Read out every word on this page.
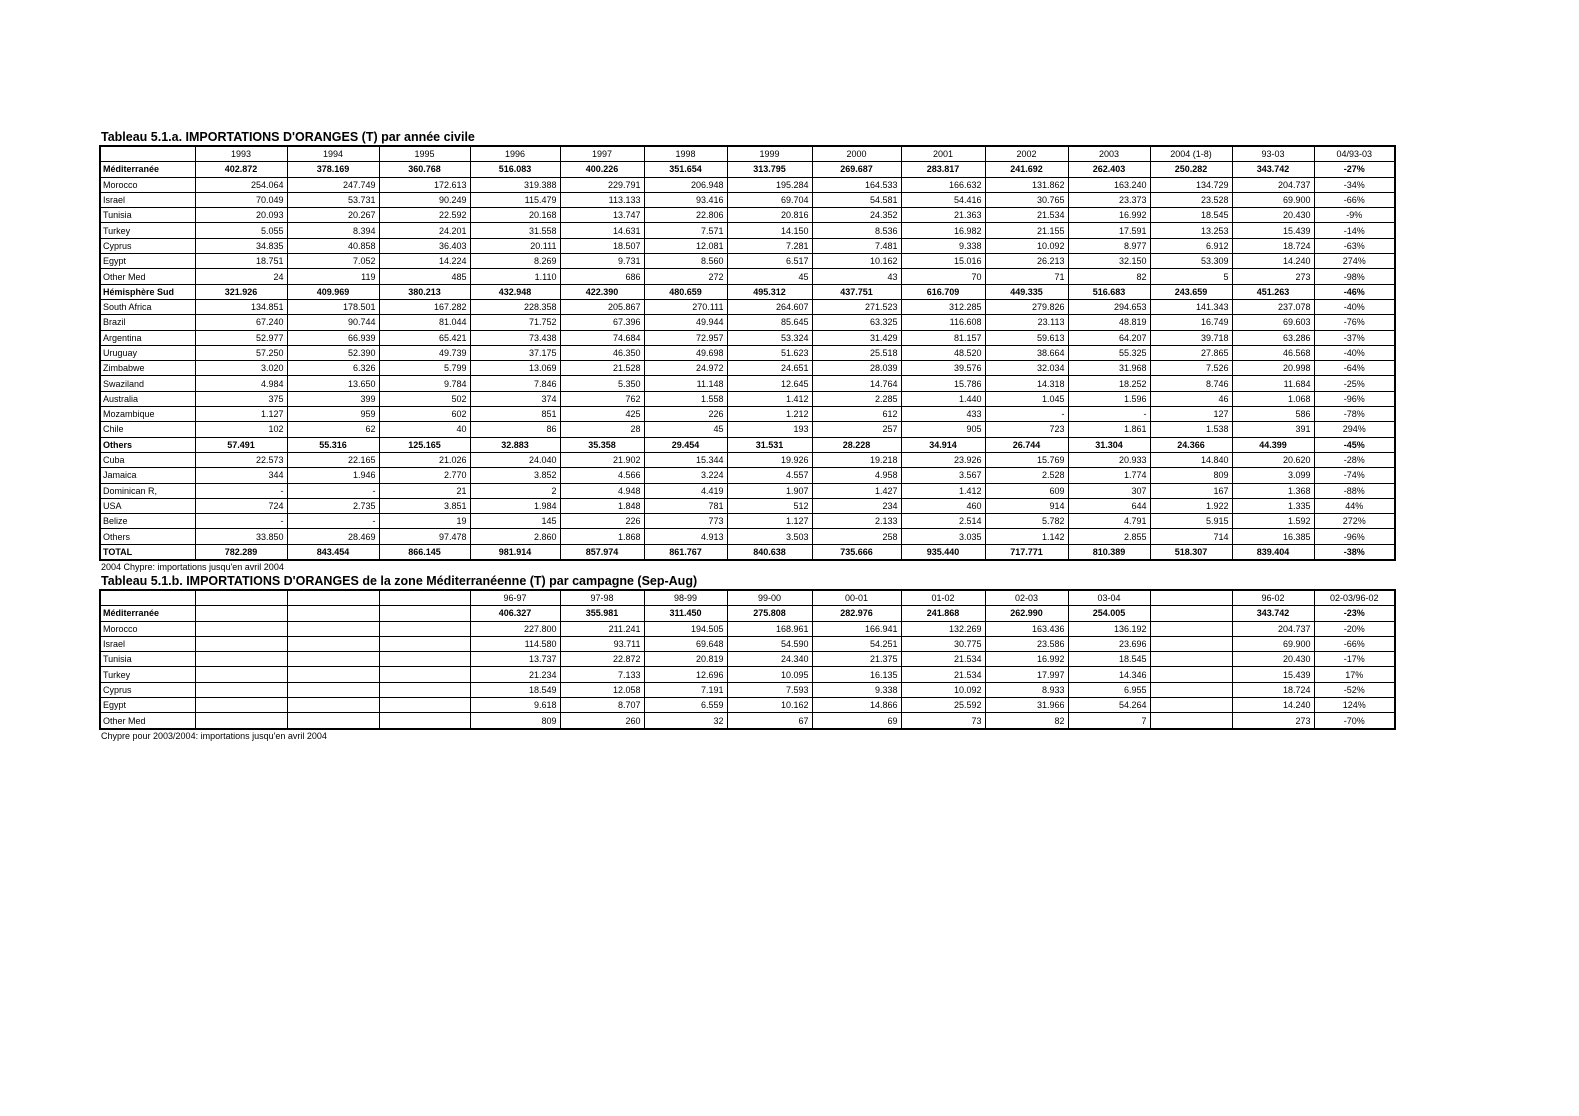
Tableau 5.1.a. IMPORTATIONS D'ORANGES (T) par année civile
	1993	1994	1995	1996	1997	1998	1999	2000	2001	2002	2003	2004 (1-8)	93-03	04/93-03
Méditerranée	402.872	378.169	360.768	516.083	400.226	351.654	313.795	269.687	283.817	241.692	262.403	250.282	343.742	-27%
Morocco	254.064	247.749	172.613	319.388	229.791	206.948	195.284	164.533	166.632	131.862	163.240	134.729	204.737	-34%
Israel	70.049	53.731	90.249	115.479	113.133	93.416	69.704	54.581	54.416	30.765	23.373	23.528	69.900	-66%
Tunisia	20.093	20.267	22.592	20.168	13.747	22.806	20.816	24.352	21.363	21.534	16.992	18.545	20.430	-9%
Turkey	5.055	8.394	24.201	31.558	14.631	7.571	14.150	8.536	16.982	21.155	17.591	13.253	15.439	-14%
Cyprus	34.835	40.858	36.403	20.111	18.507	12.081	7.281	7.481	9.338	10.092	8.977	6.912	18.724	-63%
Egypt	18.751	7.052	14.224	8.269	9.731	8.560	6.517	10.162	15.016	26.213	32.150	53.309	14.240	274%
Other Med	24	119	485	1.110	686	272	45	43	70	71	82	5	273	-98%
Hémisphère Sud	321.926	409.969	380.213	432.948	422.390	480.659	495.312	437.751	616.709	449.335	516.683	243.659	451.263	-46%
South Africa	134.851	178.501	167.282	228.358	205.867	270.111	264.607	271.523	312.285	279.826	294.653	141.343	237.078	-40%
Brazil	67.240	90.744	81.044	71.752	67.396	49.944	85.645	63.325	116.608	23.113	48.819	16.749	69.603	-76%
Argentina	52.977	66.939	65.421	73.438	74.684	72.957	53.324	31.429	81.157	59.613	64.207	39.718	63.286	-37%
Uruguay	57.250	52.390	49.739	37.175	46.350	49.698	51.623	25.518	48.520	38.664	55.325	27.865	46.568	-40%
Zimbabwe	3.020	6.326	5.799	13.069	21.528	24.972	24.651	28.039	39.576	32.034	31.968	7.526	20.998	-64%
Swaziland	4.984	13.650	9.784	7.846	5.350	11.148	12.645	14.764	15.786	14.318	18.252	8.746	11.684	-25%
Australia	375	399	502	374	762	1.558	1.412	2.285	1.440	1.045	1.596	46	1.068	-96%
Mozambique	1.127	959	602	851	425	226	1.212	612	433	-	-	127	586	-78%
Chile	102	62	40	86	28	45	193	257	905	723	1.861	1.538	391	294%
Others	57.491	55.316	125.165	32.883	35.358	29.454	31.531	28.228	34.914	26.744	31.304	24.366	44.399	-45%
Cuba	22.573	22.165	21.026	24.040	21.902	15.344	19.926	19.218	23.926	15.769	20.933	14.840	20.620	-28%
Jamaica	344	1.946	2.770	3.852	4.566	3.224	4.557	4.958	3.567	2.528	1.774	809	3.099	-74%
Dominican R,	-	-	21	2	4.948	4.419	1.907	1.427	1.412	609	307	167	1.368	-88%
USA	724	2.735	3.851	1.984	1.848	781	512	234	460	914	644	1.922	1.335	44%
Belize	-	-	19	145	226	773	1.127	2.133	2.514	5.782	4.791	5.915	1.592	272%
Others	33.850	28.469	97.478	2.860	1.868	4.913	3.503	258	3.035	1.142	2.855	714	16.385	-96%
TOTAL	782.289	843.454	866.145	981.914	857.974	861.767	840.638	735.666	935.440	717.771	810.389	518.307	839.404	-38%
2004 Chypre: importations jusqu'en avril 2004
Tableau 5.1.b. IMPORTATIONS D'ORANGES de la zone Méditerranéenne (T) par campagne (Sep-Aug)
				96-97	97-98	98-99	99-00	00-01	01-02	02-03	03-04		96-02	02-03/96-02
Méditerranée				406.327	355.981	311.450	275.808	282.976	241.868	262.990	254.005		343.742	-23%
Morocco				227.800	211.241	194.505	168.961	166.941	132.269	163.436	136.192		204.737	-20%
Israel				114.580	93.711	69.648	54.590	54.251	30.775	23.586	23.696		69.900	-66%
Tunisia				13.737	22.872	20.819	24.340	21.375	21.534	16.992	18.545		20.430	-17%
Turkey				21.234	7.133	12.696	10.095	16.135	21.534	17.997	14.346		15.439	17%
Cyprus				18.549	12.058	7.191	7.593	9.338	10.092	8.933	6.955		18.724	-52%
Egypt				9.618	8.707	6.559	10.162	14.866	25.592	31.966	54.264		14.240	124%
Other Med				809	260	32	67	69	73	82	7		273	-70%
Chypre pour 2003/2004: importations jusqu'en avril 2004
